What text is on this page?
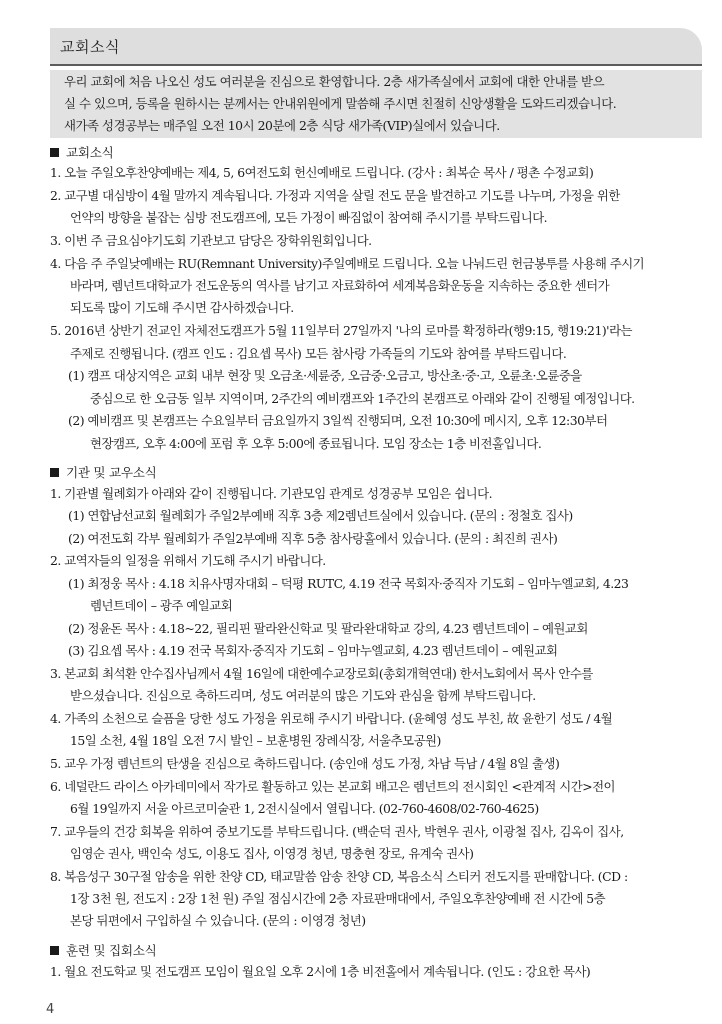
교회소식
우리 교회에 처음 나오신 성도 여러분을 진심으로 환영합니다. 2층 새가족실에서 교회에 대한 안내를 받으
실 수 있으며, 등록을 원하시는 분께서는 안내위원에게 말씀해 주시면 친절히 신앙생활을 도와드리겠습니다.
새가족 성경공부는 매주일 오전 10시 20분에 2층 식당 새가족(VIP)실에서 있습니다.
교회소식
1. 오늘 주일오후찬양예배는 제4, 5, 6여전도회 헌신예배로 드립니다. (강사 : 최복순 목사 / 평촌 수정교회)
2. 교구별 대심방이 4월 말까지 계속됩니다. 가정과 지역을 살릴 전도 문을 발견하고 기도를 나누며, 가정을 위한
언약의 방향을 붙잡는 심방 전도캠프에, 모든 가정이 빠짐없이 참여해 주시기를 부탁드립니다.
3. 이번 주 금요심야기도회 기관보고 담당은 장학위원회입니다.
4. 다음 주 주일낮예배는 RU(Remnant University)주일예배로 드립니다. 오늘 나눠드린 헌금봉투를 사용해 주시기
바라며, 렘넌트대학교가 전도운동의 역사를 남기고 자료화하여 세계복음화운동을 지속하는 중요한 센터가
되도록 많이 기도해 주시면 감사하겠습니다.
5. 2016년 상반기 전교인 자체전도캠프가 5월 11일부터 27일까지 '나의 로마를 확정하라(행9:15, 행19:21)'라는
주제로 진행됩니다. (캠프 인도 : 김요셉 목사) 모든 참사랑 가족들의 기도와 참여를 부탁드립니다.
(1) 캠프 대상지역은 교회 내부 현장 및 오금초·세륜중, 오금중·오금고, 방산초·중·고, 오륜초·오륜중을
중심으로 한 오금동 일부 지역이며, 2주간의 예비캠프와 1주간의 본캠프로 아래와 같이 진행될 예정입니다.
(2) 예비캠프 및 본캠프는 수요일부터 금요일까지 3일씩 진행되며, 오전 10:30에 메시지, 오후 12:30부터
현장캠프, 오후 4:00에 포럼 후 오후 5:00에 종료됩니다. 모임 장소는 1층 비전홀입니다.
기관 및 교우소식
1. 기관별 월례회가 아래와 같이 진행됩니다. 기관모임 관계로 성경공부 모임은 쉽니다.
(1) 연합남선교회 월례회가 주일2부예배 직후 3층 제2렘넌트실에서 있습니다. (문의 : 정철호 집사)
(2) 여전도회 각부 월례회가 주일2부예배 직후 5층 참사랑홀에서 있습니다. (문의 : 최진희 권사)
2. 교역자들의 일정을 위해서 기도해 주시기 바랍니다.
(1) 최정웅 목사 : 4.18 치유사명자대회 – 덕평 RUTC, 4.19 전국 목회자·중직자 기도회 – 임마누엘교회, 4.23
렘넌트데이 – 광주 예일교회
(2) 정윤돈 목사 : 4.18~22, 필리핀 팔라완신학교 및 팔라완대학교 강의, 4.23 렘넌트데이 – 예원교회
(3) 김요셉 목사 : 4.19 전국 목회자·중직자 기도회 – 임마누엘교회, 4.23 렘넌트데이 – 예원교회
3. 본교회 최석환 안수집사님께서 4월 16일에 대한예수교장로회(총회개혁연대) 한서노회에서 목사 안수를
받으셨습니다. 진심으로 축하드리며, 성도 여러분의 많은 기도와 관심을 함께 부탁드립니다.
4. 가족의 소천으로 슬픔을 당한 성도 가정을 위로해 주시기 바랍니다. (윤혜영 성도 부친, 故 윤한기 성도 / 4월
15일 소천, 4월 18일 오전 7시 발인 – 보훈병원 장례식장, 서울추모공원)
5. 교우 가정 렘넌트의 탄생을 진심으로 축하드립니다. (송인애 성도 가정, 차남 득남 / 4월 8일 출생)
6. 네덜란드 라이스 아카데미에서 작가로 활동하고 있는 본교회 배고은 렘넌트의 전시회인 <관계적 시간>전이
6월 19일까지 서울 아르코미술관 1, 2전시실에서 열립니다. (02-760-4608/02-760-4625)
7. 교우들의 건강 회복을 위하여 중보기도를 부탁드립니다. (백순덕 권사, 박현우 권사, 이광철 집사, 김옥이 집사,
임영순 권사, 백인숙 성도, 이용도 집사, 이영경 청년, 명충현 장로, 유계숙 권사)
8. 복음성구 30구절 암송을 위한 찬양 CD, 태교말씀 암송 찬양 CD, 복음소식 스티커 전도지를 판매합니다. (CD :
1장 3천 원, 전도지 : 2장 1천 원) 주일 점심시간에 2층 자료판매대에서, 주일오후찬양예배 전 시간에 5층
본당 뒤편에서 구입하실 수 있습니다. (문의 : 이영경 청년)
훈련 및 집회소식
1. 월요 전도학교 및 전도캠프 모임이 월요일 오후 2시에 1층 비전홀에서 계속됩니다. (인도 : 강요한 목사)
4
